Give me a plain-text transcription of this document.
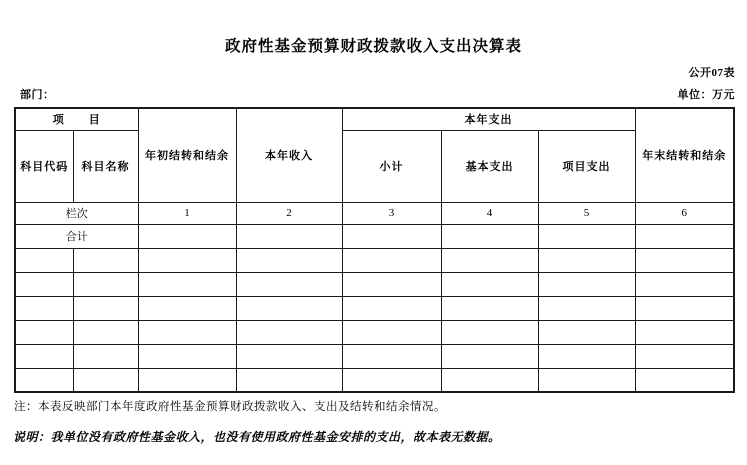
政府性基金预算财政拨款收入支出决算表
公开07表
部门：	单位：万元
项　　目		年初结转和结余	本年收入	本年支出			年末结转和结余
科目代码	科目名称			小计	基本支出	项目支出	
栏次		1	2	3	4	5	6
合计							

注：本表反映部门本年度政府性基金预算财政拨款收入、支出及结转和结余情况。
说明：我单位没有政府性基金收入，也没有使用政府性基金安排的支出，故本表无数据。
